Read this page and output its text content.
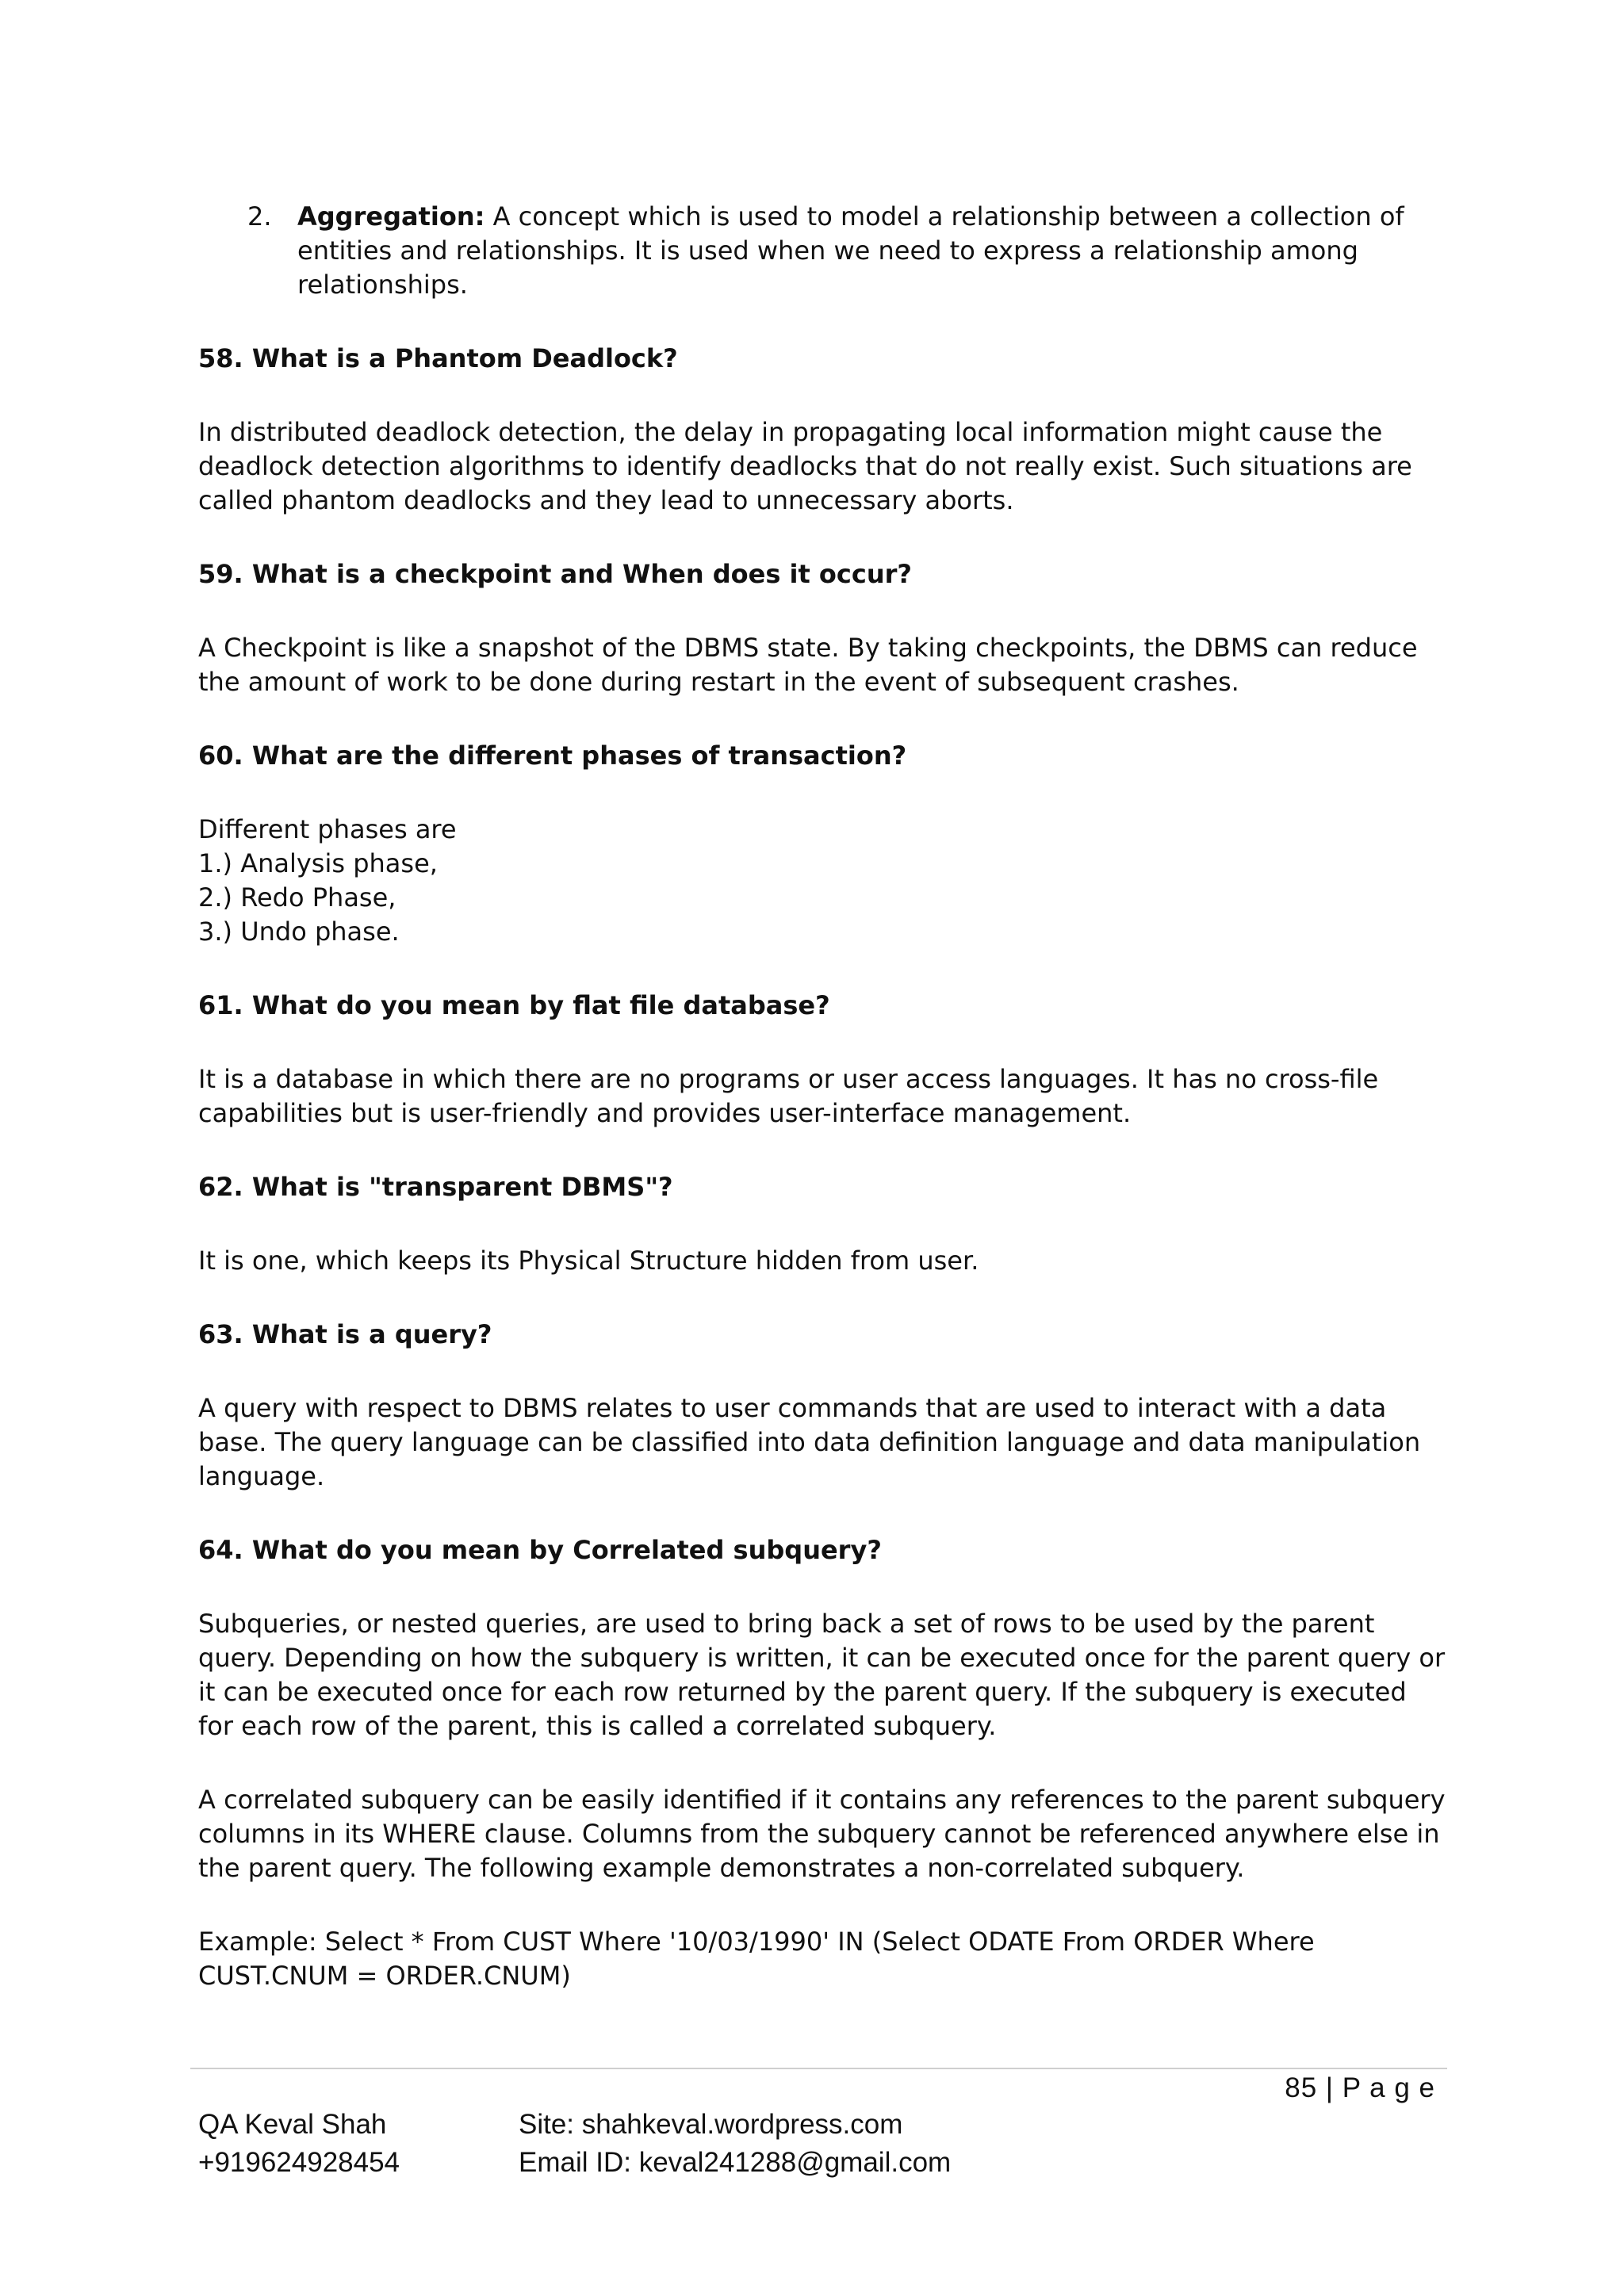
2. Aggregation: A concept which is used to model a relationship between a collection of entities and relationships. It is used when we need to express a relationship among relationships.

58. What is a Phantom Deadlock?

In distributed deadlock detection, the delay in propagating local information might cause the deadlock detection algorithms to identify deadlocks that do not really exist. Such situations are called phantom deadlocks and they lead to unnecessary aborts.

59. What is a checkpoint and When does it occur?

A Checkpoint is like a snapshot of the DBMS state. By taking checkpoints, the DBMS can reduce the amount of work to be done during restart in the event of subsequent crashes.

60. What are the different phases of transaction?

Different phases are
1.) Analysis phase,
2.) Redo Phase,
3.) Undo phase.

61. What do you mean by flat file database?

It is a database in which there are no programs or user access languages. It has no cross-file capabilities but is user-friendly and provides user-interface management.

62. What is "transparent DBMS"?

It is one, which keeps its Physical Structure hidden from user.

63. What is a query?

A query with respect to DBMS relates to user commands that are used to interact with a data base. The query language can be classified into data definition language and data manipulation language.

64. What do you mean by Correlated subquery?

Subqueries, or nested queries, are used to bring back a set of rows to be used by the parent query. Depending on how the subquery is written, it can be executed once for the parent query or it can be executed once for each row returned by the parent query. If the subquery is executed for each row of the parent, this is called a correlated subquery.

A correlated subquery can be easily identified if it contains any references to the parent subquery columns in its WHERE clause. Columns from the subquery cannot be referenced anywhere else in the parent query. The following example demonstrates a non-correlated subquery.

Example: Select * From CUST Where '10/03/1990' IN (Select ODATE From ORDER Where CUST.CNUM = ORDER.CNUM)

85 | P a g e
QA Keval Shah
+919624928454
Site: shahkeval.wordpress.com
Email ID: keval241288@gmail.com
